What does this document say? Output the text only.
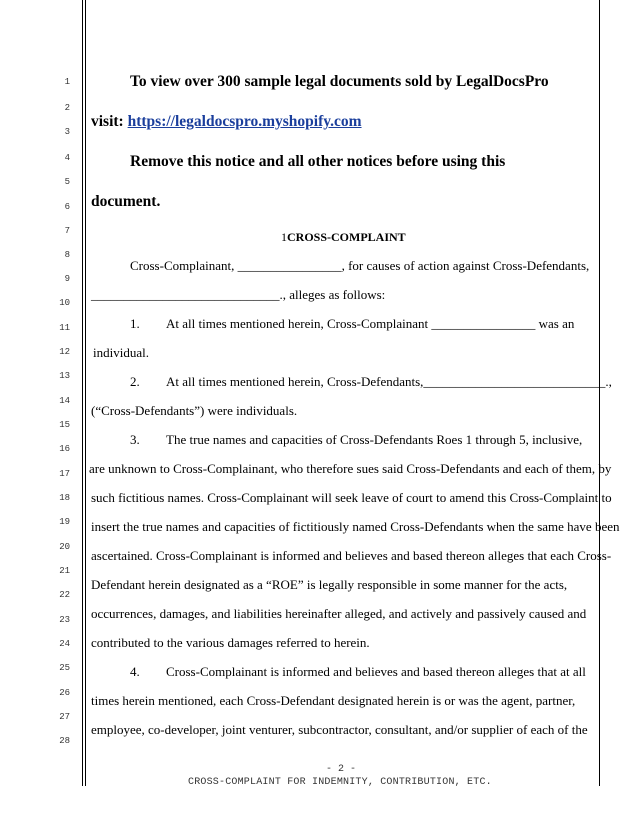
1
2
3
4
5
6
7
8
9
10
11
12
13
14
15
16
17
18
19
20
21
22
23
24
25
26
27
28
To view over 300 sample legal documents sold by LegalDocsPro
visit: https://legaldocspro.myshopify.com
Remove this notice and all other notices before using this
document.
1CROSS-COMPLAINT
Cross-Complainant, ________________, for causes of action against Cross-Defendants,
_____________________________., alleges as follows:
1. At all times mentioned herein, Cross-Complainant ________________ was an
individual.
2. At all times mentioned herein, Cross-Defendants,____________________________.,
(“Cross-Defendants”) were individuals.
3. The true names and capacities of Cross-Defendants Roes 1 through 5, inclusive,
are unknown to Cross-Complainant, who therefore sues said Cross-Defendants and each of them, by
such fictitious names. Cross-Complainant will seek leave of court to amend this Cross-Complaint to
insert the true names and capacities of fictitiously named Cross-Defendants when the same have been
ascertained. Cross-Complainant is informed and believes and based thereon alleges that each Cross-
Defendant herein designated as a “ROE” is legally responsible in some manner for the acts,
occurrences, damages, and liabilities hereinafter alleged, and actively and passively caused and
contributed to the various damages referred to herein.
4. Cross-Complainant is informed and believes and based thereon alleges that at all
times herein mentioned, each Cross-Defendant designated herein is or was the agent, partner,
employee, co-developer, joint venturer, subcontractor, consultant, and/or supplier of each of the
- 2 -
CROSS-COMPLAINT FOR INDEMNITY, CONTRIBUTION, ETC.
